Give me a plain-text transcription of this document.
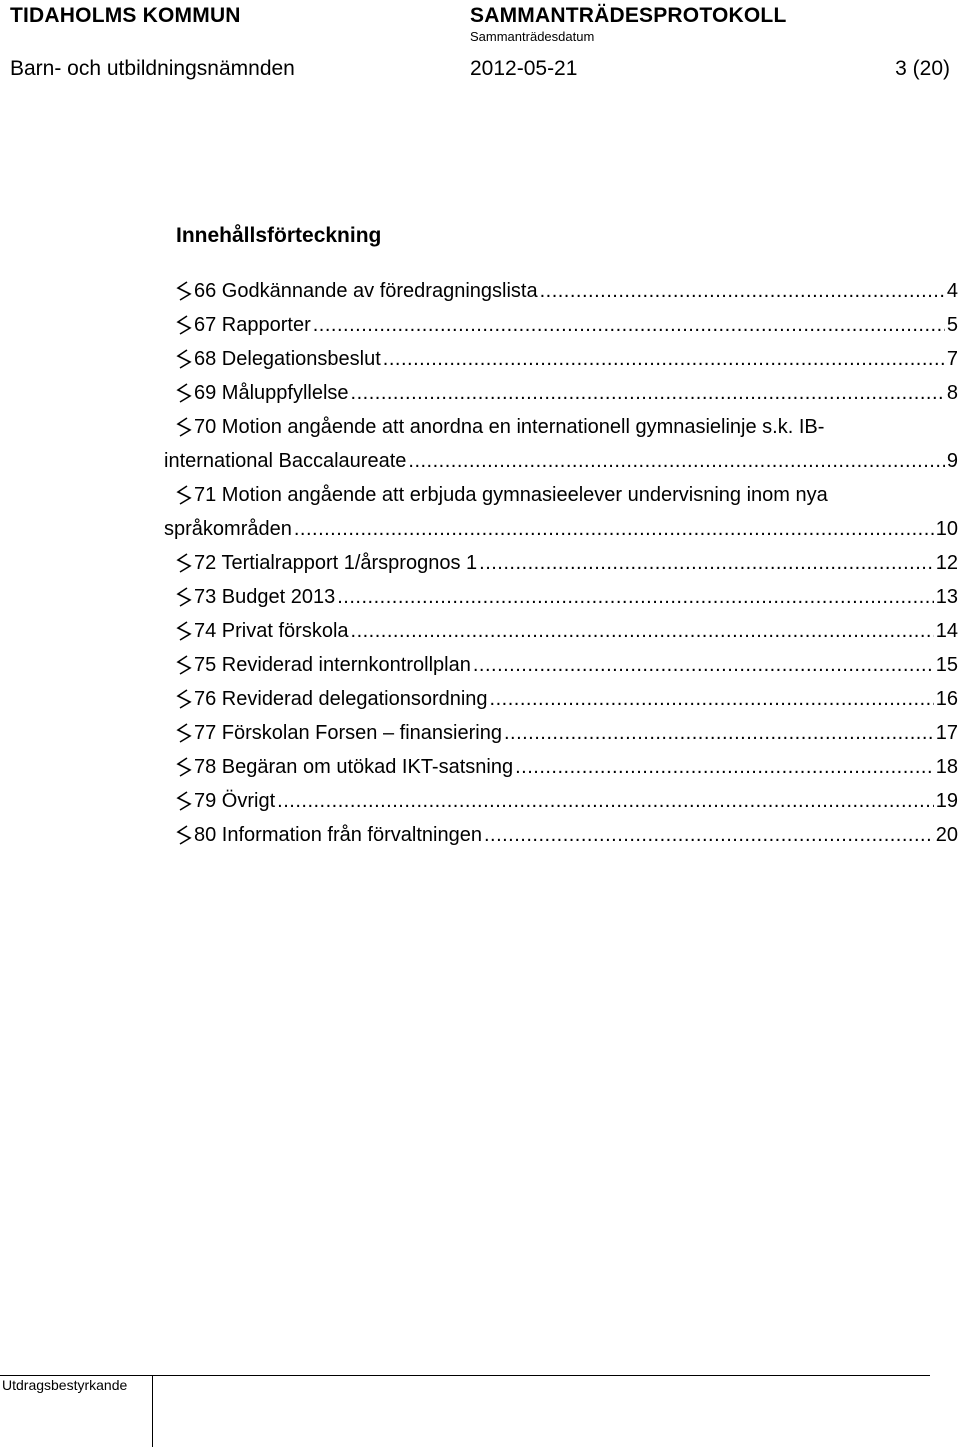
TIDAHOLMS KOMMUN	SAMMANTRÄDESPROTOKOLL
Sammanträdesdatum
Barn- och utbildningsnämnden	2012-05-21	3 (20)
Innehållsförteckning
66 Godkännande av föredragningslista .....	4
67 Rapporter .....	5
68 Delegationsbeslut .....	7
69 Måluppfyllelse .....	8
70 Motion angående att anordna en internationell gymnasielinje s.k. IB-
international Baccalaureate .....	9
71 Motion angående att erbjuda gymnasieelever undervisning inom nya
språkområden .....	10
72 Tertialrapport 1/årsprognos 1 .....	12
73 Budget 2013 .....	13
74 Privat förskola .....	14
75 Reviderad internkontrollplan .....	15
76 Reviderad delegationsordning .....	16
77 Förskolan Forsen – finansiering .....	17
78 Begäran om utökad IKT-satsning .....	18
79 Övrigt .....	19
80 Information från förvaltningen .....	20
Utdragsbestyrkande
